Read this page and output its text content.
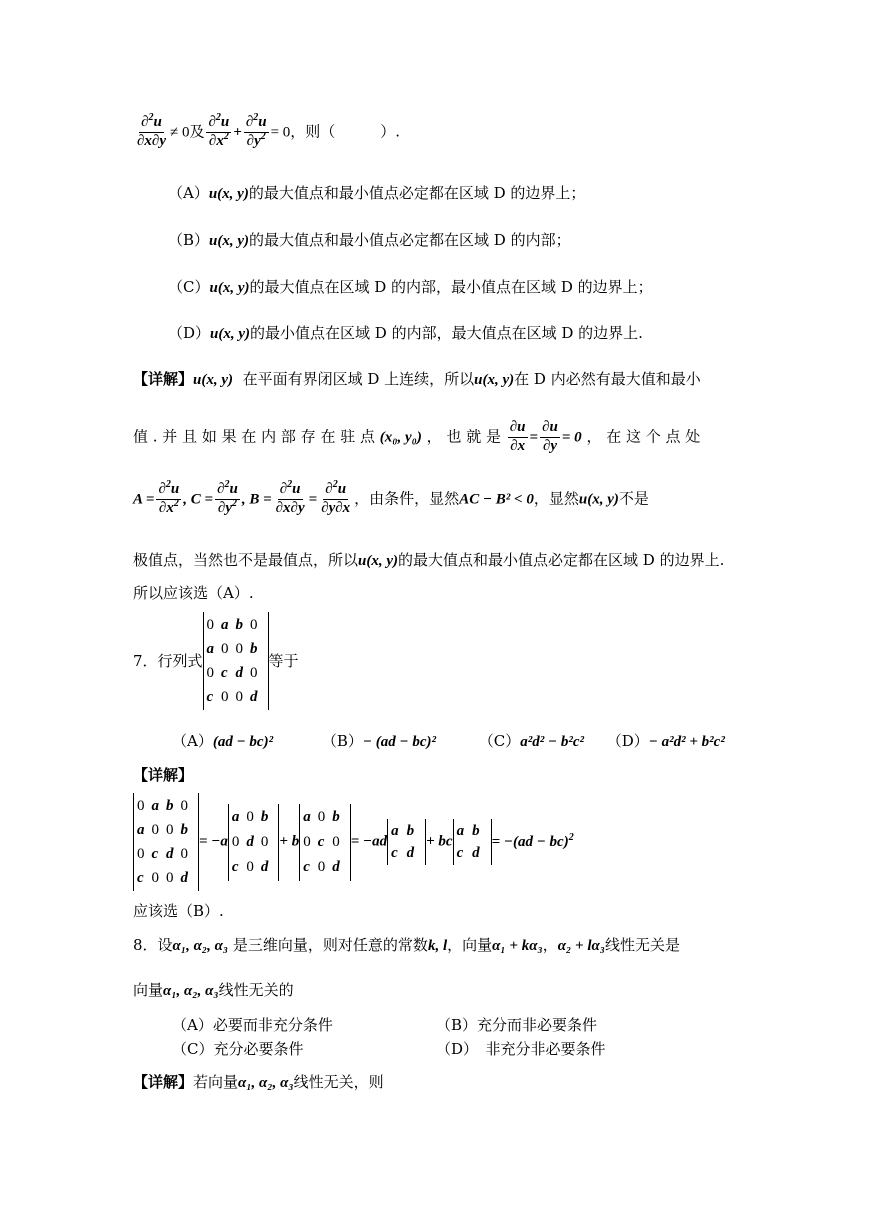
$\frac{\partial^2u}{\partial x\partial y} \ne 0$及 $\frac{\partial^2u}{\partial x^2} + \frac{\partial^2u}{\partial y^2} = 0$，则（　　　）.
（A）u(x, y)的最大值点和最小值点必定都在区域 D 的边界上；
（B）u(x, y)的最大值点和最小值点必定都在区域 D 的内部；
（C）u(x, y)的最大值点在区域 D 的内部，最小值点在区域 D 的边界上；
（D）u(x, y)的最小值点在区域 D 的内部，最大值点在区域 D 的边界上.
【详解】u(x, y) 在平面有界闭区域 D 上连续，所以u(x, y)在 D 内必然有最大值和最小
值 . 并 且 如 果 在 内 部 存 在 驻 点 (x₀, y₀) ， 也 就 是 $\frac{\partial u}{\partial x} = \frac{\partial u}{\partial y} = 0$ ， 在 这 个 点 处
$A = \frac{\partial^2u}{\partial x^2}$ , $C = \frac{\partial^2u}{\partial y^2}$ , $B = \frac{\partial^2u}{\partial x\partial y} = \frac{\partial^2u}{\partial y\partial x}$ ，由条件，显然AC − B² < 0，显然u(x, y)不是
极值点，当然也不是最值点，所以u(x, y)的最大值点和最小值点必定都在区域 D 的边界上.
所以应该选（A）.
7．行列式
0	a	b	0
a	0	0	b
0	c	d	0
c	0	0	d
等于
（A）(ad − bc)²	（B）− (ad − bc)²	（C）a²d² − b²c² （D）− a²d² + b²c²
【详解】
0	a	b	0
a	0	0	b
0	c	d	0
c	0	0	d
= −a
a	0	b
0	d	0
c	0	d
+ b
a	0	b
0	c	0
c	0	d
= −ad
a	b
c	d
+ bc
a	b
c	d
= −(ad − bc)$^2$
应该选（B）.
8．设α₁, α₂, α₃ 是三维向量，则对任意的常数k, l，向量α₁ + kα₃，α₂ + lα₃线性无关是
向量α₁, α₂, α₃线性无关的
（A）必要而非充分条件	（B）充分而非必要条件
（C）充分必要条件	（D）　非充分非必要条件
【详解】若向量α₁, α₂, α₃线性无关，则
